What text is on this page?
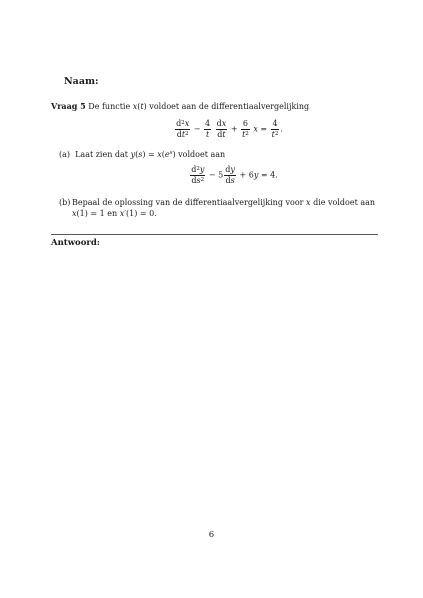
Naam:
Vraag 5 De functie x(t) voldoet aan de differentiaalvergelijking
$\frac{d^2x}{dt^2} - \frac{4}{t}$
$\frac{dx}{dt} + \frac{6}{t^2}$ $x = \frac{4}{t^2}$ .
(a)  Laat zien dat $y(s) = x(e^s)$ voldoet aan
$\frac{d^2y}{ds^2} - 5 \frac{dy}{ds} + 6y = 4$.
(b) Bepaal de oplossing van de differentiaalvergelijking voor x die voldoet aan x(1) = 1 en x′(1) = 0.
Antwoord:
6
